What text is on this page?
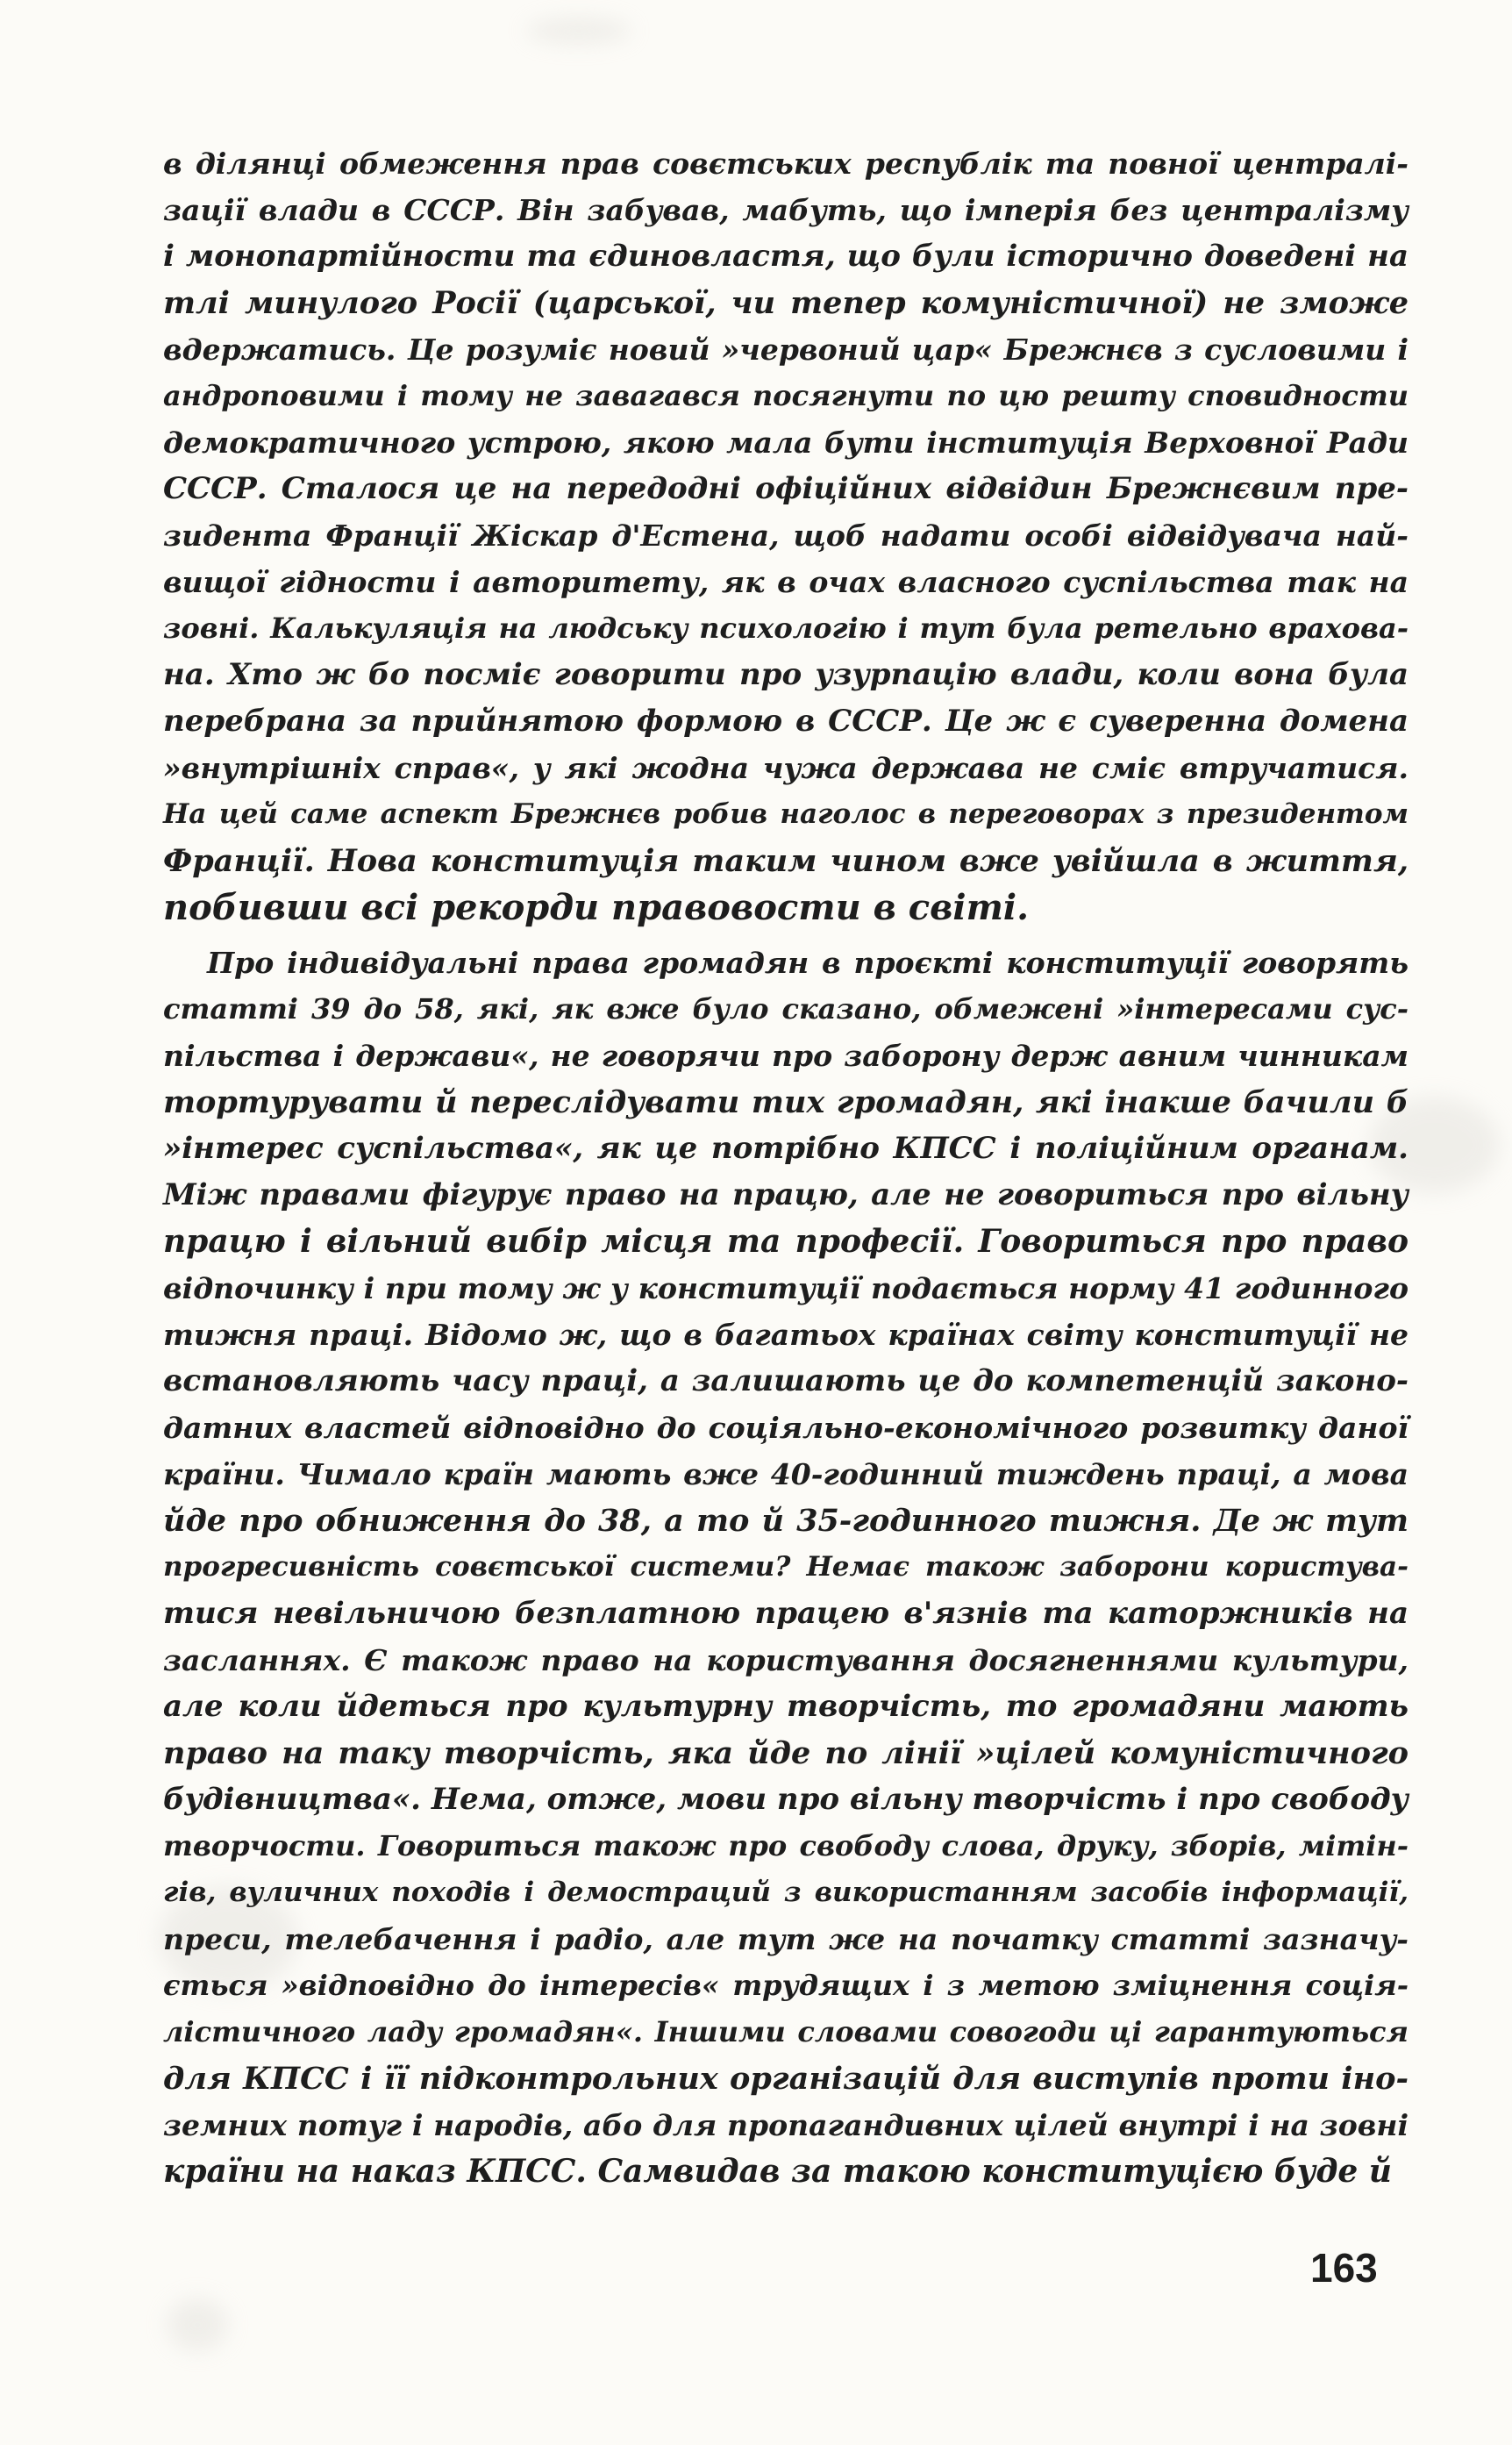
в ділянці обмеження прав совєтських республік та повної централі-
зації влади в СССР. Він забував, мабуть, що імперія без централізму
і монопартійности та єдиновластя, що були історично доведені на
тлі минулого Росії (царської, чи тепер комуністичної) не зможе
вдержатись. Це розуміє новий »червоний цар« Брежнєв з сусловими і
андроповими і тому не завагався посягнути по цю решту сповидности
демократичного устрою, якою мала бути інституція Верховної Ради
СССР. Сталося це на передодні офіційних відвідин Брежнєвим пре-
зидента Франції Жіскар д'Естена, щоб надати особі відвідувача най-
вищої гідности і авторитету, як в очах власного суспільства так на
зовні. Калькуляція на людську психологію і тут була ретельно врахова-
на. Хто ж бо посміє говорити про узурпацію влади, коли вона була
перебрана за прийнятою формою в СССР. Це ж є суверенна домена
»внутрішніх справ«, у які жодна чужа держава не сміє втручатися.
На цей саме аспект Брежнєв робив наголос в переговорах з президентом
Франції. Нова конституція таким чином вже увійшла в життя,
побивши всі рекорди правовости в світі.
Про індивідуальні права громадян в проєкті конституції говорять
статті 39 до 58, які, як вже було сказано, обмежені »інтересами сус-
пільства і держави«, не говорячи про заборону держ авним чинникам
тортурувати й переслідувати тих громадян, які інакше бачили б
»інтерес суспільства«, як це потрібно КПСС і поліційним органам.
Між правами фігурує право на працю, але не говориться про вільну
працю і вільний вибір місця та професії. Говориться про право
відпочинку і при тому ж у конституції подається норму 41 годинного
тижня праці. Відомо ж, що в багатьох країнах світу конституції не
встановляють часу праці, а залишають це до компетенцій законо-
датних властей відповідно до соціяльно-економічного розвитку даної
країни. Чимало країн мають вже 40-годинний тиждень праці, а мова
йде про обниження до 38, а то й 35-годинного тижня. Де ж тут
прогресивність совєтської системи? Немає також заборони користува-
тися невільничою безплатною працею в'язнів та каторжників на
засланнях. Є також право на користування досягненнями культури,
але коли йдеться про культурну творчість, то громадяни мають
право на таку творчість, яка йде по лінії »цілей комуністичного
будівництва«. Нема, отже, мови про вільну творчість і про свободу
творчости. Говориться також про свободу слова, друку, зборів, мітін-
гів, вуличних походів і демостраций з використанням засобів інформації,
преси, телебачення і радіо, але тут же на початку статті зазначу-
ється »відповідно до інтересів« трудящих і з метою зміцнення соція-
лістичного ладу громадян«. Іншими словами совогоди ці гарантуються
для КПСС і її підконтрольних організацій для виступів проти іно-
земних потуг і народів, або для пропагандивних цілей внутрі і на зовні
країни на наказ КПСС. Самвидав за такою конституцією буде й
163
